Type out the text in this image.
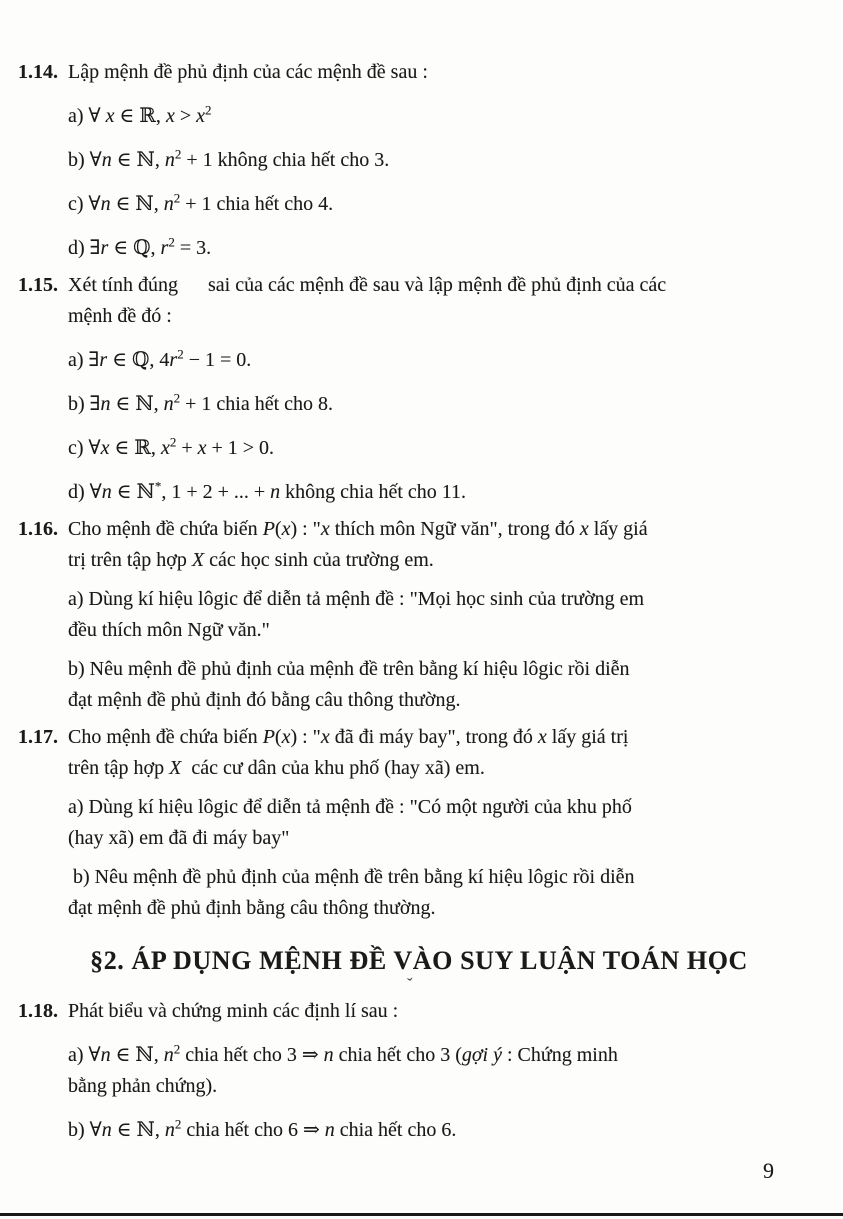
1.14. Lập mệnh đề phủ định của các mệnh đề sau :

a) ∀ x ∈ ℝ, $x > x^2$

b) ∀n ∈ ℕ, $n^2 + 1$ không chia hết cho 3.

c) ∀n ∈ ℕ, $n^2 + 1$ chia hết cho 4.

d) ∃r ∈ ℚ, $r^2 = 3$.

1.15. Xét tính đúng   sai của các mệnh đề sau và lập mệnh đề phủ định của các
mệnh đề đó :

a) ∃r ∈ ℚ, $4r^2 - 1 = 0$.

b) ∃n ∈ ℕ, $n^2 + 1$ chia hết cho 8.

c) ∀x ∈ ℝ, $x^2 + x + 1 > 0$.

d) ∀n ∈ ℕ*, 1 + 2 + ... + n không chia hết cho 11.

1.16. Cho mệnh đề chứa biến P(x) : "x thích môn Ngữ văn", trong đó x lấy giá
trị trên tập hợp X các học sinh của trường em.

a) Dùng kí hiệu lôgic để diễn tả mệnh đề : "Mọi học sinh của trường em
đều thích môn Ngữ văn."

b) Nêu mệnh đề phủ định của mệnh đề trên bằng kí hiệu lôgic rồi diễn
đạt mệnh đề phủ định đó bằng câu thông thường.

1.17. Cho mệnh đề chứa biến P(x) : "x đã đi máy bay", trong đó x lấy giá trị
trên tập hợp X  các cư dân của khu phố (hay xã) em.

a) Dùng kí hiệu lôgic để diễn tả mệnh đề : "Có một người của khu phố
(hay xã) em đã đi máy bay"

b) Nêu mệnh đề phủ định của mệnh đề trên bằng kí hiệu lôgic rồi diễn
đạt mệnh đề phủ định bằng câu thông thường.

§2. ÁP DỤNG MỆNH ĐỀ VÀO SUY LUẬN TOÁN HỌC
1.18. Phát biểu và chứng minh các định lí sau :

a) ∀n ∈ ℕ, $n^2$ chia hết cho 3 ⇒ n chia hết cho 3 (gợi ý : Chứng minh
bằng phản chứng).

b) ∀n ∈ ℕ, $n^2$ chia hết cho 6 ⇒ n chia hết cho 6.

ˇ
9
